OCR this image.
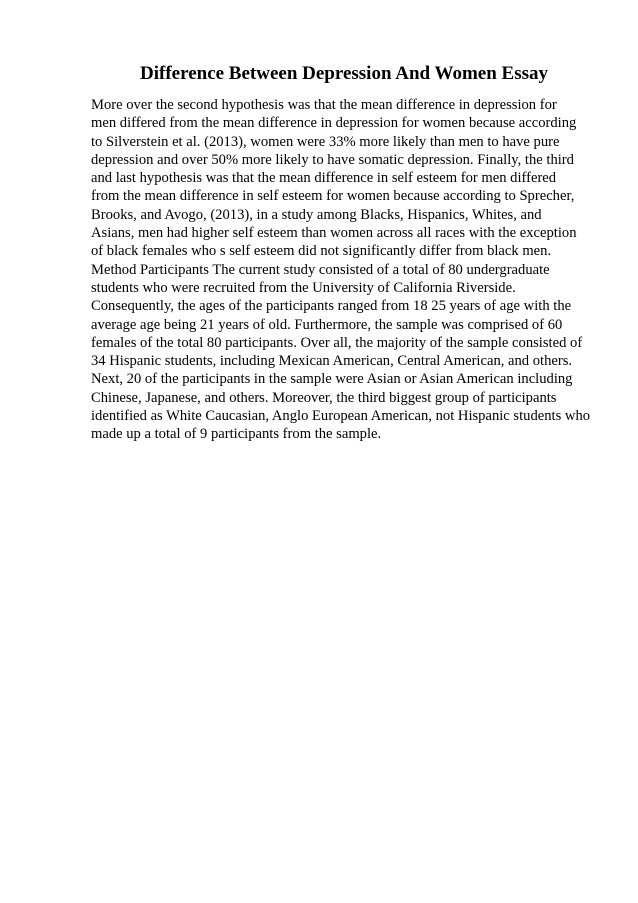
Difference Between Depression And Women Essay
More over the second hypothesis was that the mean difference in depression for
men differed from the mean difference in depression for women because according
to Silverstein et al. (2013), women were 33% more likely than men to have pure
depression and over 50% more likely to have somatic depression. Finally, the third
and last hypothesis was that the mean difference in self esteem for men differed
from the mean difference in self esteem for women because according to Sprecher,
Brooks, and Avogo, (2013), in a study among Blacks, Hispanics, Whites, and
Asians, men had higher self esteem than women across all races with the exception
of black females who s self esteem did not significantly differ from black men.
Method Participants The current study consisted of a total of 80 undergraduate
students who were recruited from the University of California Riverside.
Consequently, the ages of the participants ranged from 18 25 years of age with the
average age being 21 years of old. Furthermore, the sample was comprised of 60
females of the total 80 participants. Over all, the majority of the sample consisted of
34 Hispanic students, including Mexican American, Central American, and others.
Next, 20 of the participants in the sample were Asian or Asian American including
Chinese, Japanese, and others. Moreover, the third biggest group of participants
identified as White Caucasian, Anglo European American, not Hispanic students who
made up a total of 9 participants from the sample.
